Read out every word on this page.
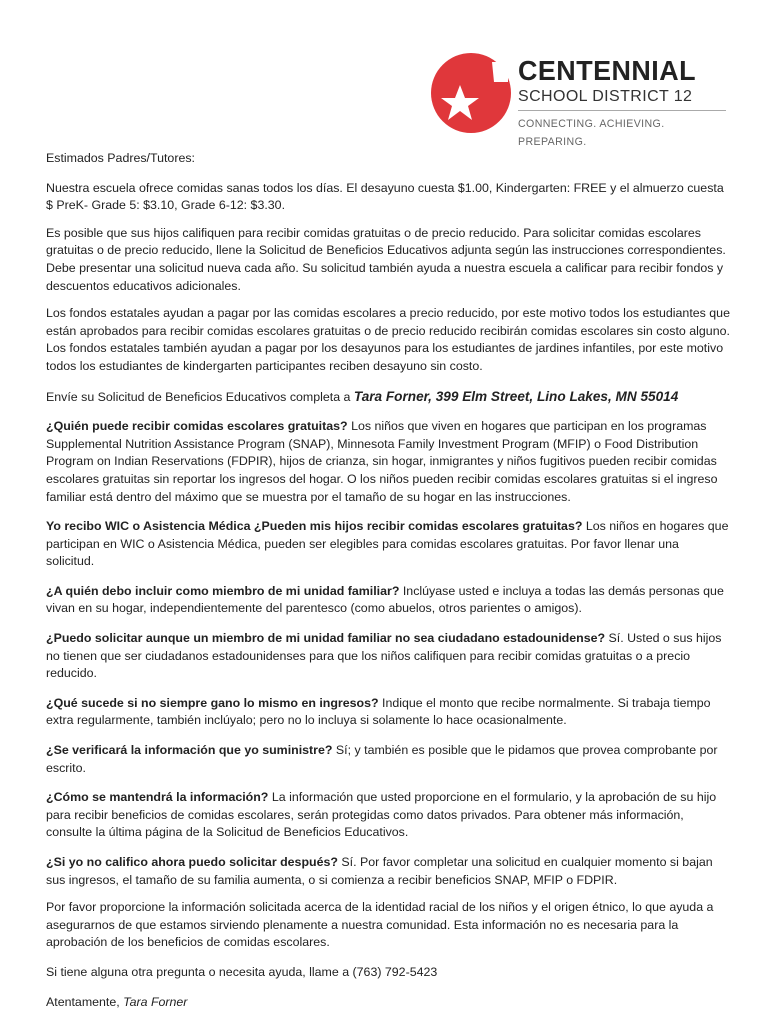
CENTENNIAL
SCHOOL DISTRICT 12
CONNECTING. ACHIEVING. PREPARING.

Estimados Padres/Tutores:

Nuestra escuela ofrece comidas sanas todos los días. El desayuno cuesta $1.00, Kindergarten: FREE y el almuerzo cuesta $ PreK- Grade 5: $3.10, Grade 6-12: $3.30.

Es posible que sus hijos califiquen para recibir comidas gratuitas o de precio reducido. Para solicitar comidas escolares gratuitas o de precio reducido, llene la Solicitud de Beneficios Educativos adjunta según las instrucciones correspondientes. Debe presentar una solicitud nueva cada año. Su solicitud también ayuda a nuestra escuela a calificar para recibir fondos y descuentos educativos adicionales.

Los fondos estatales ayudan a pagar por las comidas escolares a precio reducido, por este motivo todos los estudiantes que están aprobados para recibir comidas escolares gratuitas o de precio reducido recibirán comidas escolares sin costo alguno. Los fondos estatales también ayudan a pagar por los desayunos para los estudiantes de jardines infantiles, por este motivo todos los estudiantes de kindergarten participantes reciben desayuno sin costo.

Envíe su Solicitud de Beneficios Educativos completa a Tara Forner, 399 Elm Street, Lino Lakes, MN 55014

¿Quién puede recibir comidas escolares gratuitas? Los niños que viven en hogares que participan en los programas Supplemental Nutrition Assistance Program (SNAP), Minnesota Family Investment Program (MFIP) o Food Distribution Program on Indian Reservations (FDPIR), hijos de crianza, sin hogar, inmigrantes y niños fugitivos pueden recibir comidas escolares gratuitas sin reportar los ingresos del hogar. O los niños pueden recibir comidas escolares gratuitas si el ingreso familiar está dentro del máximo que se muestra por el tamaño de su hogar en las instrucciones.

Yo recibo WIC o Asistencia Médica ¿Pueden mis hijos recibir comidas escolares gratuitas? Los niños en hogares que participan en WIC o Asistencia Médica, pueden ser elegibles para comidas escolares gratuitas. Por favor llenar una solicitud.

¿A quién debo incluir como miembro de mi unidad familiar? Inclúyase usted e incluya a todas las demás personas que vivan en su hogar, independientemente del parentesco (como abuelos, otros parientes o amigos).

¿Puedo solicitar aunque un miembro de mi unidad familiar no sea ciudadano estadounidense? Sí. Usted o sus hijos no tienen que ser ciudadanos estadounidenses para que los niños califiquen para recibir comidas gratuitas o a precio reducido.

¿Qué sucede si no siempre gano lo mismo en ingresos? Indique el monto que recibe normalmente. Si trabaja tiempo extra regularmente, también inclúyalo; pero no lo incluya si solamente lo hace ocasionalmente.

¿Se verificará la información que yo suministre? Sí; y también es posible que le pidamos que provea comprobante por escrito.

¿Cómo se mantendrá la información? La información que usted proporcione en el formulario, y la aprobación de su hijo para recibir beneficios de comidas escolares, serán protegidas como datos privados. Para obtener más información, consulte la última página de la Solicitud de Beneficios Educativos.

¿Si yo no califico ahora puedo solicitar después? Sí. Por favor completar una solicitud en cualquier momento si bajan sus ingresos, el tamaño de su familia aumenta, o si comienza a recibir beneficios SNAP, MFIP o FDPIR.

Por favor proporcione la información solicitada acerca de la identidad racial de los niños y el origen étnico, lo que ayuda a asegurarnos de que estamos sirviendo plenamente a nuestra comunidad. Esta información no es necesaria para la aprobación de los beneficios de comidas escolares.

Si tiene alguna otra pregunta o necesita ayuda, llame a (763) 792-5423

Atentamente, Tara Forner
